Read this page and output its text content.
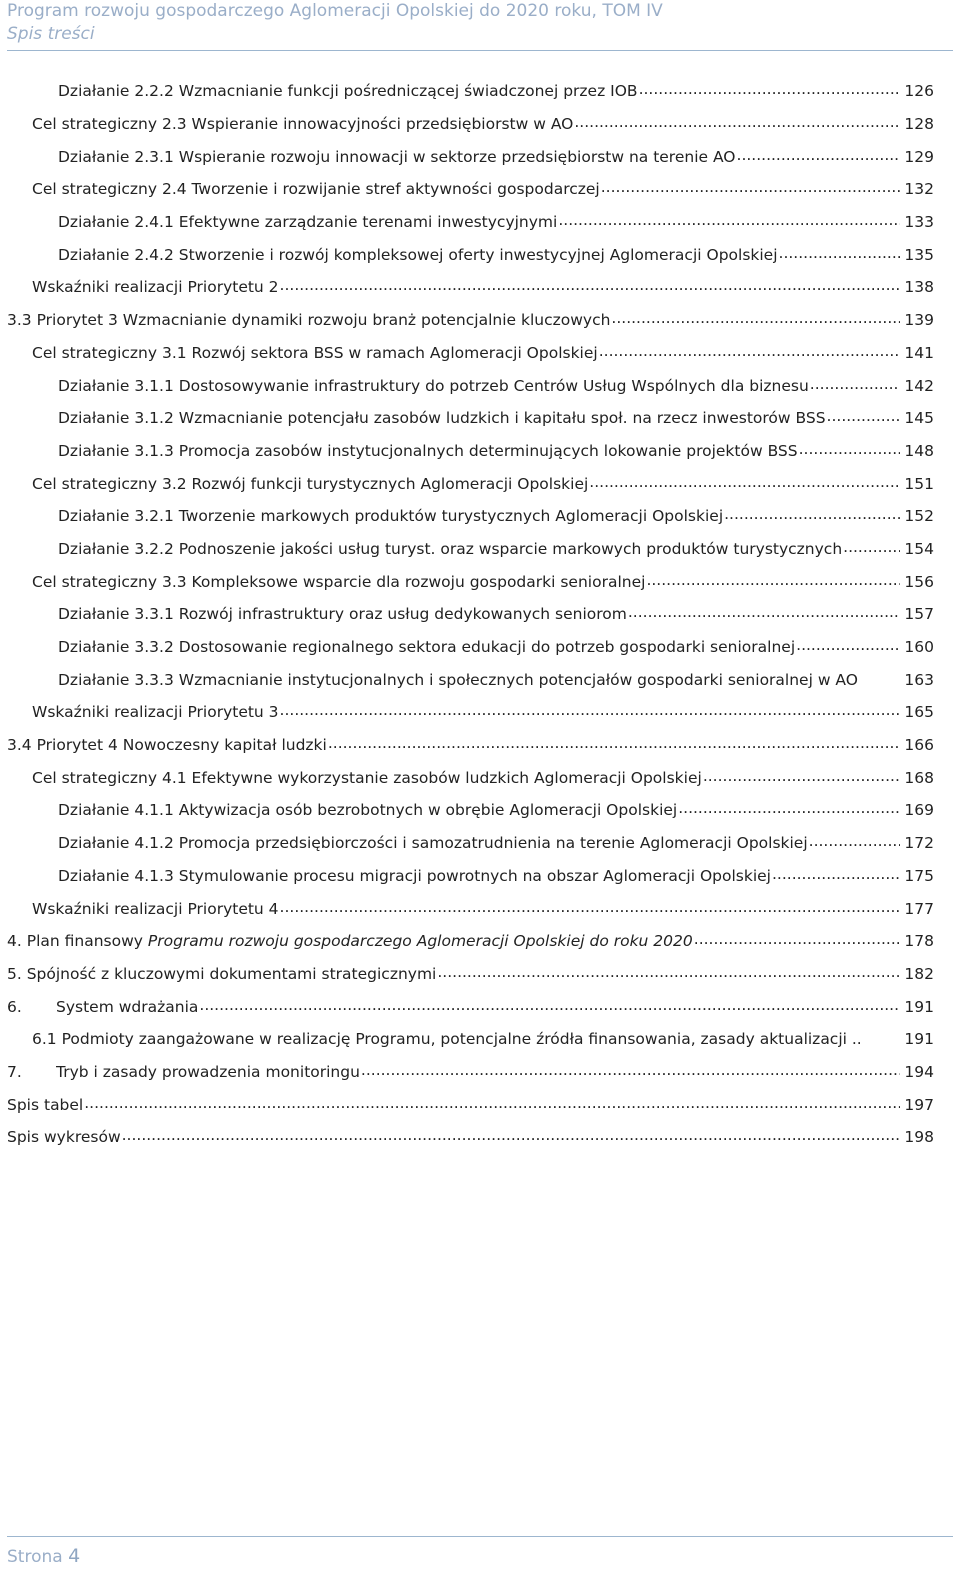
Program rozwoju gospodarczego Aglomeracji Opolskiej do 2020 roku, TOM IV
Spis treści
Działanie 2.2.2 Wzmacnianie funkcji pośredniczącej świadczonej przez IOB .....	126
Cel strategiczny 2.3 Wspieranie innowacyjności przedsiębiorstw w AO .....	128
Działanie 2.3.1 Wspieranie rozwoju innowacji w sektorze przedsiębiorstw na terenie AO .....	129
Cel strategiczny 2.4 Tworzenie i rozwijanie stref aktywności gospodarczej .....	132
Działanie 2.4.1 Efektywne zarządzanie terenami inwestycyjnymi .....	133
Działanie 2.4.2 Stworzenie i rozwój kompleksowej oferty inwestycyjnej Aglomeracji Opolskiej .....	135
Wskaźniki realizacji Priorytetu 2 .....	138
3.3 Priorytet 3 Wzmacnianie dynamiki rozwoju branż potencjalnie kluczowych .....	139
Cel strategiczny 3.1 Rozwój sektora BSS w ramach Aglomeracji Opolskiej .....	141
Działanie 3.1.1 Dostosowywanie infrastruktury do potrzeb Centrów Usług Wspólnych dla biznesu .....	142
Działanie 3.1.2 Wzmacnianie potencjału zasobów ludzkich i kapitału społ. na rzecz inwestorów BSS .....	145
Działanie 3.1.3 Promocja zasobów instytucjonalnych determinujących lokowanie projektów BSS .....	148
Cel strategiczny 3.2 Rozwój funkcji turystycznych Aglomeracji Opolskiej .....	151
Działanie 3.2.1 Tworzenie markowych produktów turystycznych Aglomeracji Opolskiej .....	152
Działanie 3.2.2 Podnoszenie jakości usług turyst. oraz wsparcie markowych produktów turystycznych .....	154
Cel strategiczny 3.3 Kompleksowe wsparcie dla rozwoju gospodarki senioralnej .....	156
Działanie 3.3.1 Rozwój infrastruktury oraz usług dedykowanych seniorom .....	157
Działanie 3.3.2 Dostosowanie regionalnego sektora edukacji do potrzeb gospodarki senioralnej .....	160
Działanie 3.3.3 Wzmacnianie instytucjonalnych i społecznych potencjałów gospodarki senioralnej w AO	163
Wskaźniki realizacji Priorytetu 3 .....	165
3.4 Priorytet 4 Nowoczesny kapitał ludzki .....	166
Cel strategiczny 4.1 Efektywne wykorzystanie zasobów ludzkich Aglomeracji Opolskiej .....	168
Działanie 4.1.1 Aktywizacja osób bezrobotnych w obrębie Aglomeracji Opolskiej .....	169
Działanie 4.1.2 Promocja przedsiębiorczości i samozatrudnienia na terenie Aglomeracji Opolskiej .....	172
Działanie 4.1.3 Stymulowanie procesu migracji powrotnych na obszar Aglomeracji Opolskiej .....	175
Wskaźniki realizacji Priorytetu 4 .....	177
4. Plan finansowy Programu rozwoju gospodarczego Aglomeracji Opolskiej do roku 2020 .....	178
5. Spójność z kluczowymi dokumentami strategicznymi .....	182
6.	System wdrażania .....	191
6.1 Podmioty zaangażowane w realizację Programu, potencjalne źródła finansowania, zasady aktualizacji ..	191
7.	Tryb i zasady prowadzenia monitoringu .....	194
Spis tabel .....	197
Spis wykresów .....	198
Strona 4
